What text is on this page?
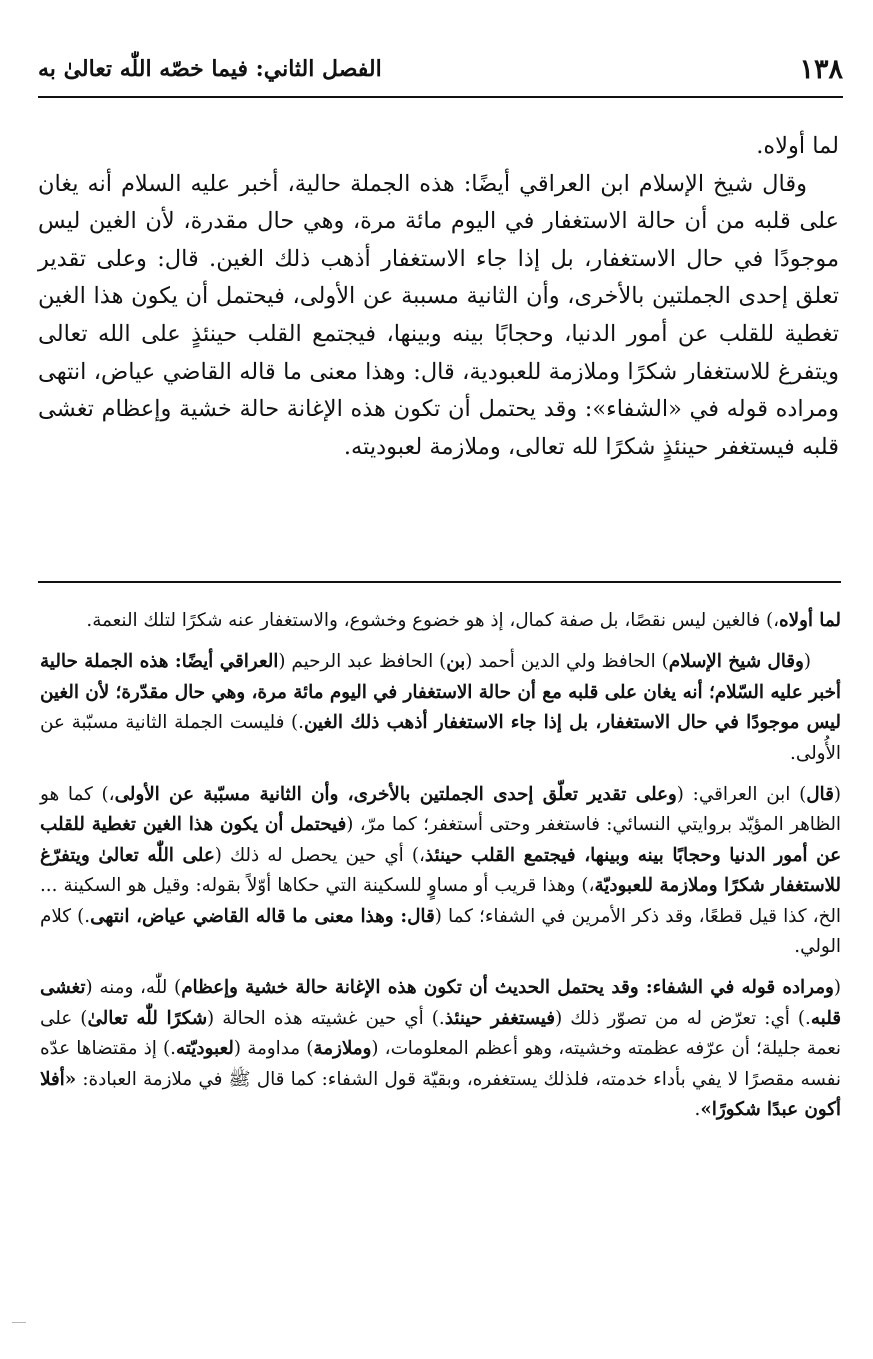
١٣٨
الفصل الثاني: فيما خصّه اللّٰه تعالىٰ به

لما أولاه.

وقال شيخ الإسلام ابن العراقي أيضًا: هذه الجملة حالية، أخبر عليه السلام أنه يغان على قلبه من أن حالة الاستغفار في اليوم مائة مرة، وهي حال مقدرة، لأن الغين ليس موجودًا في حال الاستغفار، بل إذا جاء الاستغفار أذهب ذلك الغين. قال: وعلى تقدير تعلق إحدى الجملتين بالأخرى، وأن الثانية مسببة عن الأولى، فيحتمل أن يكون هذا الغين تغطية للقلب عن أمور الدنيا، وحجابًا بينه وبينها، فيجتمع القلب حينئذٍ على الله تعالى ويتفرغ للاستغفار شكرًا وملازمة للعبودية، قال: وهذا معنى ما قاله القاضي عياض، انتهى ومراده قوله في «الشفاء»: وقد يحتمل أن تكون هذه الإغانة حالة خشية وإعظام تغشى قلبه فيستغفر حينئذٍ شكرًا لله تعالى، وملازمة لعبوديته.

لما أولاه،) فالغين ليس نقصًا، بل صفة كمال، إذ هو خضوع وخشوع، والاستغفار عنه شكرًا لتلك النعمة.

(وقال شيخ الإسلام) الحافظ ولي الدين أحمد (بن) الحافظ عبد الرحيم (العراقي أيضًا: هذه الجملة حالية أخبر عليه السّلام؛ أنه يغان على قلبه مع أن حالة الاستغفار في اليوم مائة مرة، وهي حال مقدّرة؛ لأن الغين ليس موجودًا في حال الاستغفار، بل إذا جاء الاستغفار أذهب ذلك الغين.) فليست الجملة الثانية مسبّبة عن الأُولى.

(قال) ابن العراقي: (وعلى تقدير تعلّق إحدى الجملتين بالأخرى، وأن الثانية مسبّبة عن الأولى،) كما هو الظاهر المؤيّد بروايتي النسائي: فاستغفر وحتى أستغفر؛ كما مرّ، (فيحتمل أن يكون هذا الغين تغطية للقلب عن أمور الدنيا وحجابًا بينه وبينها، فيجتمع القلب حينئذ،) أي حين يحصل له ذلك (على اللّٰه تعالىٰ ويتفرّغ للاستغفار شكرًا وملازمة للعبوديّة،) وهذا قريب أو مساوٍ للسكينة التي حكاها أوّلاً بقوله: وقيل هو السكينة ... الخ، كذا قيل قطعًا، وقد ذكر الأمرين في الشفاء؛ كما (قال: وهذا معنى ما قاله القاضي عياض، انتهى.) كلام الولي.

(ومراده قوله في الشفاء: وقد يحتمل الحديث أن تكون هذه الإغانة حالة خشية وإعظام) للّٰه، ومنه (تغشى قلبه.) أي: تعرّض له من تصوّر ذلك (فيستغفر حينئذ.) أي حين غشيته هذه الحالة (شكرًا للّٰه تعالىٰ) على نعمة جليلة؛ أن عرّفه عظمته وخشيته، وهو أعظم المعلومات، (وملازمة) مداومة (لعبوديّته.) إذ مقتضاها عدّه نفسه مقصرًا لا يفي بأداء خدمته، فلذلك يستغفره، وبقيّة قول الشفاء: كما قال ﷺ في ملازمة العبادة: «أفلا أكون عبدًا شكورًا».
